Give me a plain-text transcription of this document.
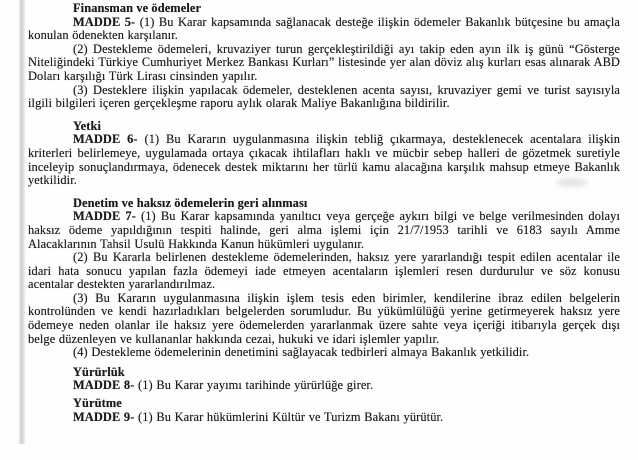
Finansman ve ödemeler

MADDE 5- (1) Bu Karar kapsamında sağlanacak desteğe ilişkin ödemeler Bakanlık bütçesine bu amaçla konulan ödenekten karşılanır.

(2) Destekleme ödemeleri, kruvaziyer turun gerçekleştirildiği ayı takip eden ayın ilk iş günü “Gösterge Niteliğindeki Türkiye Cumhuriyet Merkez Bankası Kurları” listesinde yer alan döviz alış kurları esas alınarak ABD Doları karşılığı Türk Lirası cinsinden yapılır.

(3) Desteklere ilişkin yapılacak ödemeler, desteklenen acenta sayısı, kruvaziyer gemi ve turist sayısıyla ilgili bilgileri içeren gerçekleşme raporu aylık olarak Maliye Bakanlığına bildirilir.

Yetki

MADDE 6- (1) Bu Kararın uygulanmasına ilişkin tebliğ çıkarmaya, desteklenecek acentalara ilişkin kriterleri belirlemeye, uygulamada ortaya çıkacak ihtilafları haklı ve mücbir sebep halleri de gözetmek suretiyle inceleyip sonuçlandırmaya, ödenecek destek miktarını her türlü kamu alacağına karşılık mahsup etmeye Bakanlık yetkilidir.

Denetim ve haksız ödemelerin geri alınması

MADDE 7- (1) Bu Karar kapsamında yanıltıcı veya gerçeğe aykırı bilgi ve belge verilmesinden dolayı haksız ödeme yapıldığının tespiti halinde, geri alma işlemi için 21/7/1953 tarihli ve 6183 sayılı Amme Alacaklarının Tahsil Usulü Hakkında Kanun hükümleri uygulanır.

(2) Bu Kararla belirlenen destekleme ödemelerinden, haksız yere yararlandığı tespit edilen acentalar ile idari hata sonucu yapılan fazla ödemeyi iade etmeyen acentaların işlemleri resen durdurulur ve söz konusu acentalar destekten yararlandırılmaz.

(3) Bu Kararın uygulanmasına ilişkin işlem tesis eden birimler, kendilerine ibraz edilen belgelerin kontrolünden ve kendi hazırladıkları belgelerden sorumludur. Bu yükümlülüğü yerine getirmeyerek haksız yere ödemeye neden olanlar ile haksız yere ödemelerden yararlanmak üzere sahte veya içeriği itibarıyla gerçek dışı belge düzenleyen ve kullananlar hakkında cezai, hukuki ve idari işlemler yapılır.

(4) Destekleme ödemelerinin denetimini sağlayacak tedbirleri almaya Bakanlık yetkilidir.

Yürürlük

MADDE 8- (1) Bu Karar yayımı tarihinde yürürlüğe girer.

Yürütme

MADDE 9- (1) Bu Karar hükümlerini Kültür ve Turizm Bakanı yürütür.
